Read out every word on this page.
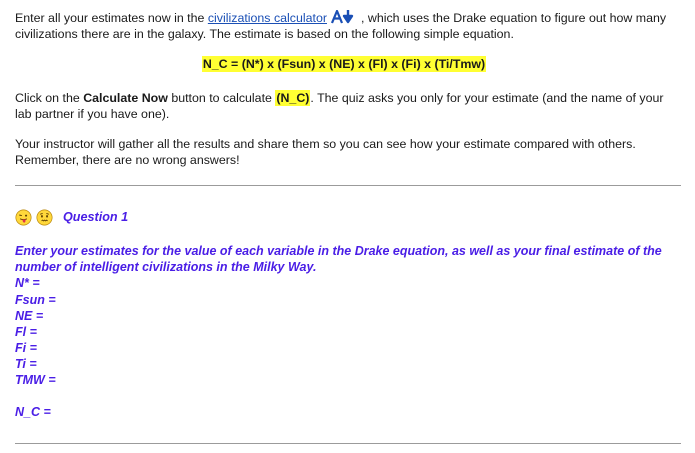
Enter all your estimates now in the civilizations calculator	, which uses the Drake equation to figure out how many civilizations there are in the galaxy. The estimate is based on the following simple equation.

N_C = (N*) x (Fsun) x (NE) x (Fl) x (Fi) x (Ti/Tmw)

Click on the Calculate Now button to calculate (N_C). The quiz asks you only for your estimate (and the name of your lab partner if you have one).

Your instructor will gather all the results and share them so you can see how your estimate compared with others. Remember, there are no wrong answers!

Question 1

Enter your estimates for the value of each variable in the Drake equation, as well as your final estimate of the number of intelligent civilizations in the Milky Way.

N* =
Fsun =
NE =
Fl =
Fi =
Ti =
TMW =
N_C =
